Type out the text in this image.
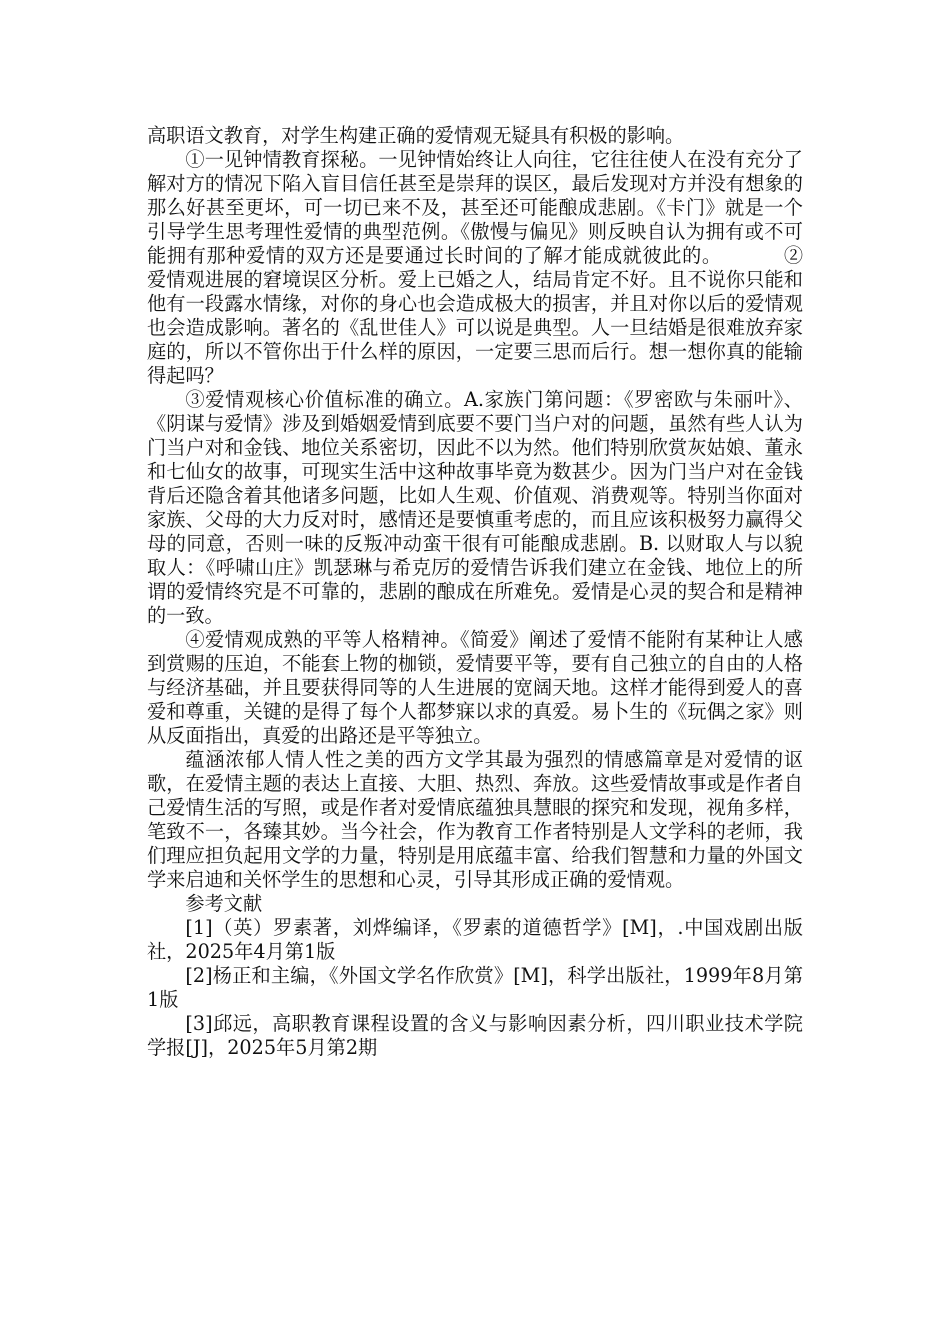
高职语文教育，对学生构建正确的爱情观无疑具有积极的影响。

①一见钟情教育探秘。一见钟情始终让人向往，它往往使人在没有充分了解对方的情况下陷入盲目信任甚至是崇拜的误区，最后发现对方并没有想象的那么好甚至更坏，可一切已来不及，甚至还可能酿成悲剧。《卡门》就是一个引导学生思考理性爱情的典型范例。《傲慢与偏见》则反映自认为拥有或不可能拥有那种爱情的双方还是要通过长时间的了解才能成就彼此的。	②爱情观进展的窘境误区分析。爱上已婚之人，结局肯定不好。且不说你只能和他有一段露水情缘，对你的身心也会造成极大的损害，并且对你以后的爱情观也会造成影响。著名的《乱世佳人》可以说是典型。人一旦结婚是很难放弃家庭的，所以不管你出于什么样的原因，一定要三思而后行。想一想你真的能输得起吗？

③爱情观核心价值标准的确立。A.家族门第问题：《罗密欧与朱丽叶》、《阴谋与爱情》涉及到婚姻爱情到底要不要门当户对的问题，虽然有些人认为门当户对和金钱、地位关系密切，因此不以为然。他们特别欣赏灰姑娘、董永和七仙女的故事，可现实生活中这种故事毕竟为数甚少。因为门当户对在金钱背后还隐含着其他诸多问题，比如人生观、价值观、消费观等。特别当你面对家族、父母的大力反对时，感情还是要慎重考虑的，而且应该积极努力赢得父母的同意，否则一味的反叛冲动蛮干很有可能酿成悲剧。B. 以财取人与以貌取人：《呼啸山庄》凯瑟琳与希克厉的爱情告诉我们建立在金钱、地位上的所谓的爱情终究是不可靠的，悲剧的酿成在所难免。爱情是心灵的契合和是精神的一致。

④爱情观成熟的平等人格精神。《简爱》阐述了爱情不能附有某种让人感到赏赐的压迫，不能套上物的枷锁，爱情要平等，要有自己独立的自由的人格与经济基础，并且要获得同等的人生进展的宽阔天地。这样才能得到爱人的喜爱和尊重，关键的是得了每个人都梦寐以求的真爱。易卜生的《玩偶之家》则从反面指出，真爱的出路还是平等独立。

蕴涵浓郁人情人性之美的西方文学其最为强烈的情感篇章是对爱情的讴歌，在爱情主题的表达上直接、大胆、热烈、奔放。这些爱情故事或是作者自己爱情生活的写照，或是作者对爱情底蕴独具慧眼的探究和发现，视角多样，笔致不一，各臻其妙。当今社会，作为教育工作者特别是人文学科的老师，我们理应担负起用文学的力量，特别是用底蕴丰富、给我们智慧和力量的外国文学来启迪和关怀学生的思想和心灵，引导其形成正确的爱情观。

参考文献

[1]（英）罗素著，刘烨编译，《罗素的道德哲学》[M]，.中国戏剧出版社，2025年4月第1版

[2]杨正和主编，《外国文学名作欣赏》[M]，科学出版社，1999年8月第1版

[3]邱远，高职教育课程设置的含义与影响因素分析，四川职业技术学院学报[J]，2025年5月第2期
